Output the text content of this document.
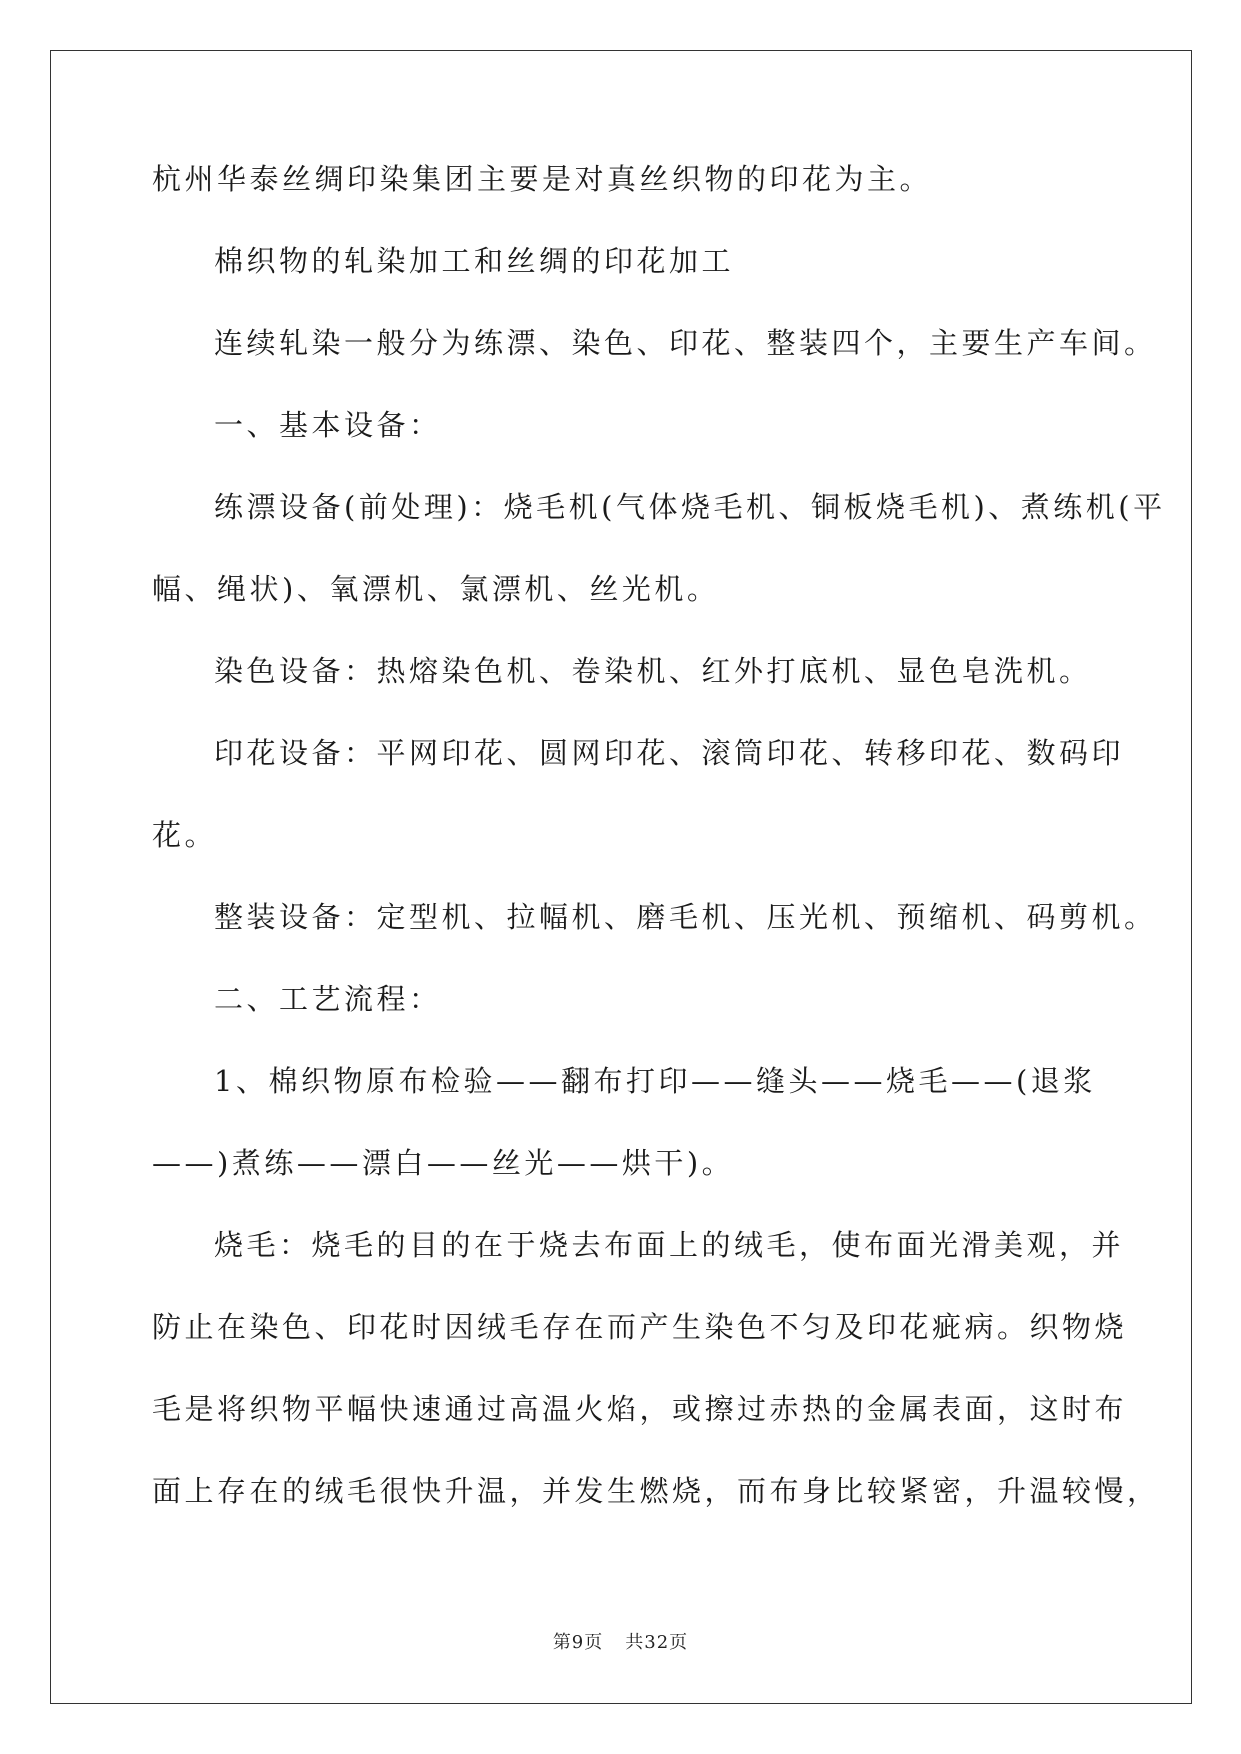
杭州华泰丝绸印染集团主要是对真丝织物的印花为主。
棉织物的轧染加工和丝绸的印花加工
连续轧染一般分为练漂、染色、印花、整装四个，主要生产车间。
一、基本设备：
练漂设备(前处理)：烧毛机(气体烧毛机、铜板烧毛机)、煮练机(平
幅、绳状)、氧漂机、氯漂机、丝光机。
染色设备：热熔染色机、卷染机、红外打底机、显色皂洗机。
印花设备：平网印花、圆网印花、滚筒印花、转移印花、数码印
花。
整装设备：定型机、拉幅机、磨毛机、压光机、预缩机、码剪机。
二、工艺流程：
1、棉织物原布检验——翻布打印——缝头——烧毛——(退浆
——)煮练——漂白——丝光——烘干)。
烧毛：烧毛的目的在于烧去布面上的绒毛，使布面光滑美观，并
防止在染色、印花时因绒毛存在而产生染色不匀及印花疵病。织物烧
毛是将织物平幅快速通过高温火焰，或擦过赤热的金属表面，这时布
面上存在的绒毛很快升温，并发生燃烧，而布身比较紧密，升温较慢，
第9页 共32页
